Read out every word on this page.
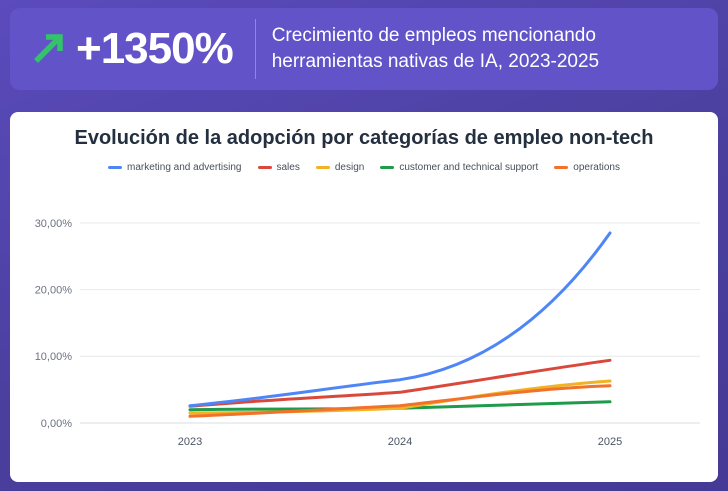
+1350% Crecimiento de empleos mencionando
herramientas nativas de IA, 2023-2025
Evolución de la adopción por categorías de empleo non-tech
marketing and advertising	sales	design	customer and technical support	operations
0,00%
10,00%
20,00%
30,00%
2023	2024	2025
